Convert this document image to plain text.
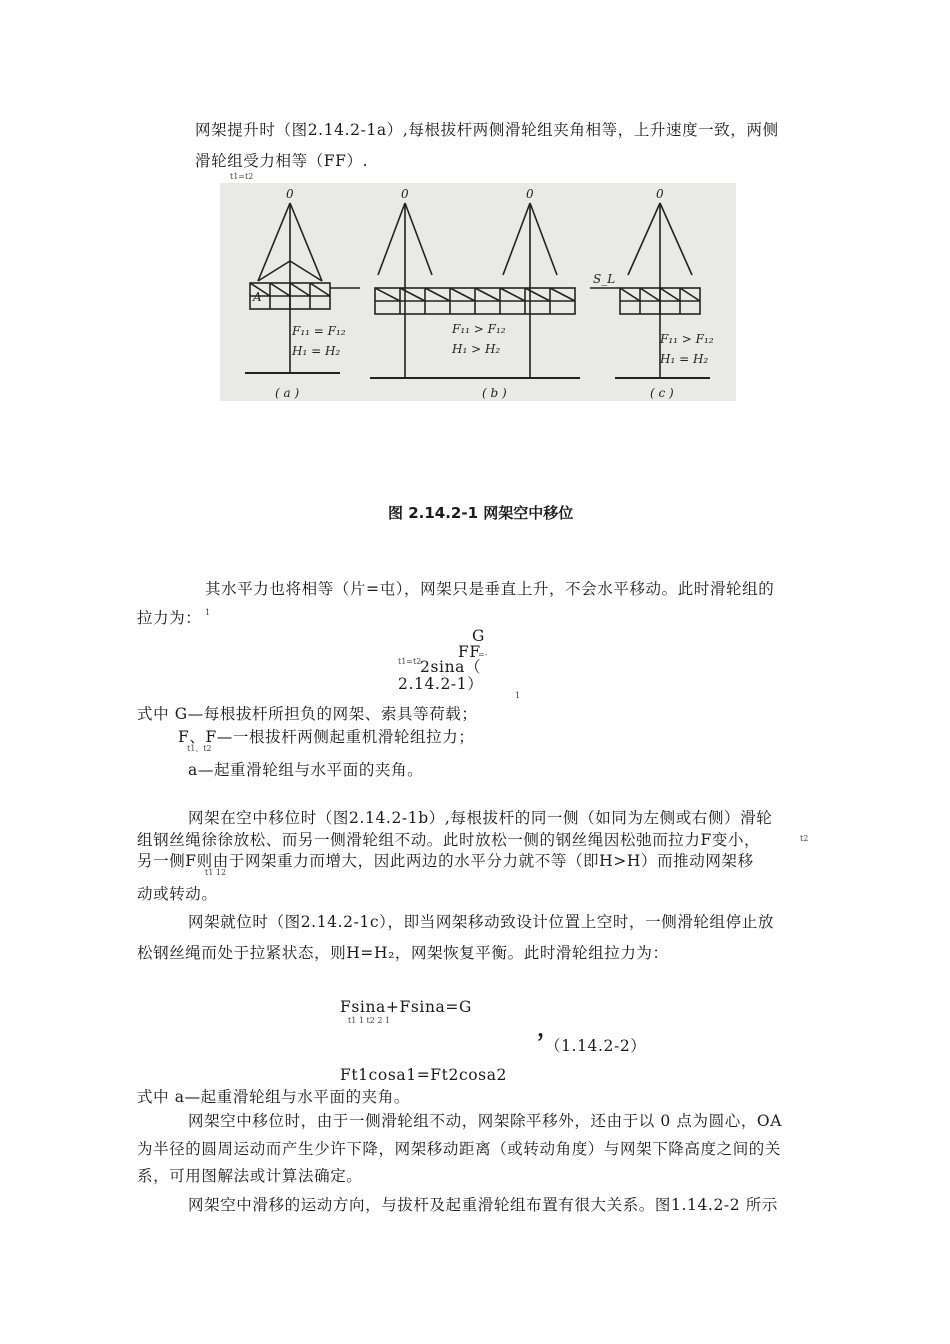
网架提升时（图2.14.2-1a）,每根拔杆两侧滑轮组夹角相等，上升速度一致，两侧
滑轮组受力相等（FF）.
t1=t2
0	0	0	0
A
S_L
F₁₁ = F₁₂
H₁ = H₂
F₁₁ > F₁₂
H₁ > H₂
F₁₁ > F₁₂
H₁ = H₂
( a )	( b )	( c )
图 2.14.2-1 网架空中移位
其水平力也将相等（片=屯），网架只是垂直上升，不会水平移动。此时滑轮组的
拉力为： 1
G
FF
=-
t1=t2
2sina（
2.14.2-1）
1
式中 G—每根拔杆所担负的网架、索具等荷载；
F、F—一根拔杆两侧起重机滑轮组拉力；
t1、t2
a—起重滑轮组与水平面的夹角。
网架在空中移位时（图2.14.2-1b）,每根拔杆的同一侧（如同为左侧或右侧）滑轮
组钢丝绳徐徐放松、而另一侧滑轮组不动。此时放松一侧的钢丝绳因松弛而拉力F变小，	t2
另一侧F则由于网架重力而增大，因此两边的水平分力就不等（即H>H）而推动网架移
t1 12
动或转动。
网架就位时（图2.14.2-1c），即当网架移动致设计位置上空时，一侧滑轮组停止放
松钢丝绳而处于拉紧状态，则H=H₂，网架恢复平衡。此时滑轮组拉力为：
Fsina+Fsina=G
t1 1 t2 2 1	，
（1.14.2-2）
Ft1cosa1=Ft2cosa2
式中 a—起重滑轮组与水平面的夹角。
网架空中移位时，由于一侧滑轮组不动，网架除平移外，还由于以 0 点为圆心，OA
为半径的圆周运动而产生少许下降，网架移动距离（或转动角度）与网架下降高度之间的关
系，可用图解法或计算法确定。
网架空中滑移的运动方向，与拔杆及起重滑轮组布置有很大关系。图1.14.2-2 所示
